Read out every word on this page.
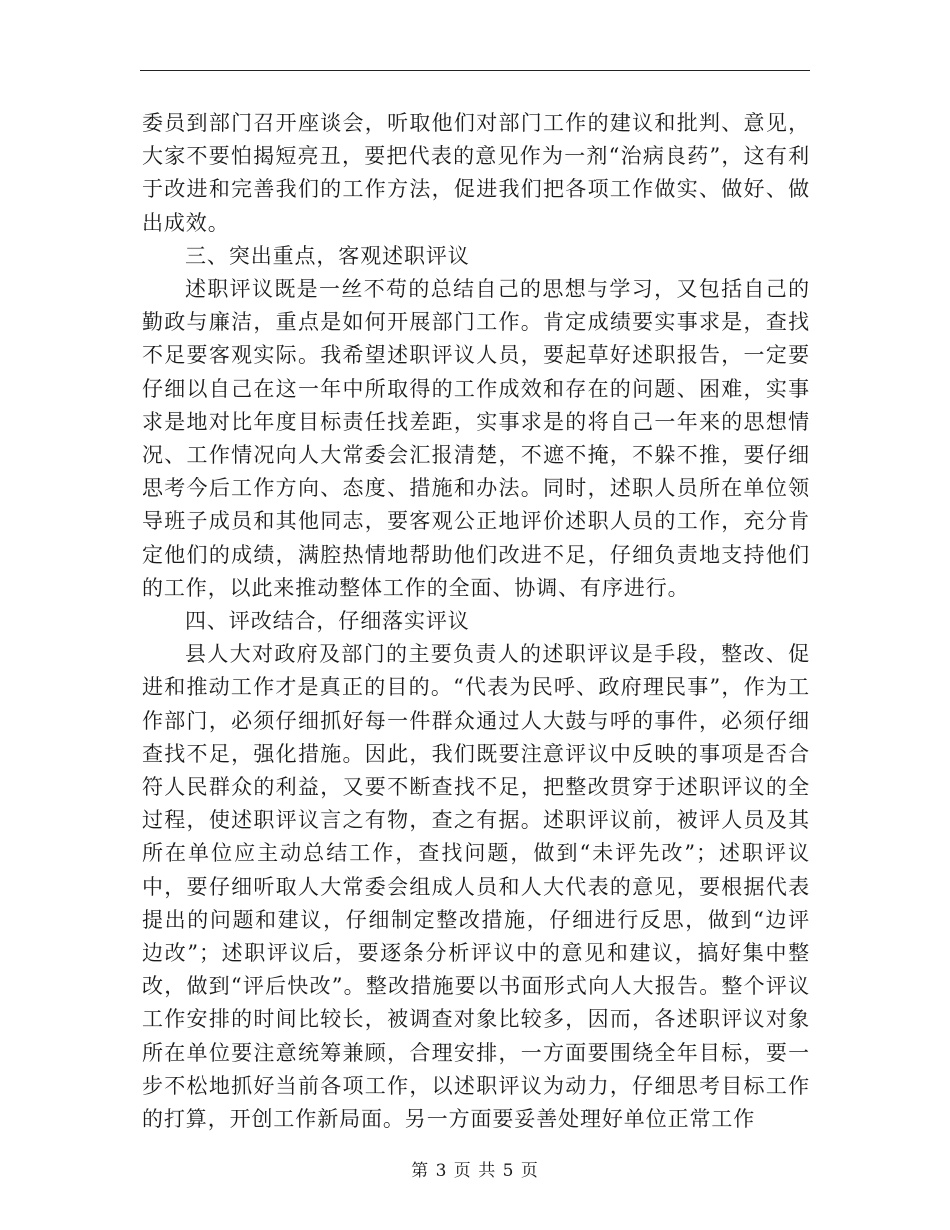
委员到部门召开座谈会，听取他们对部门工作的建议和批判、意见，大家不要怕揭短亮丑，要把代表的意见作为一剂“治病良药”，这有利于改进和完善我们的工作方法，促进我们把各项工作做实、做好、做出成效。

三、突出重点，客观述职评议

述职评议既是一丝不苟的总结自己的思想与学习，又包括自己的勤政与廉洁，重点是如何开展部门工作。肯定成绩要实事求是，查找不足要客观实际。我希望述职评议人员，要起草好述职报告，一定要仔细以自己在这一年中所取得的工作成效和存在的问题、困难，实事求是地对比年度目标责任找差距，实事求是的将自己一年来的思想情况、工作情况向人大常委会汇报清楚，不遮不掩，不躲不推，要仔细思考今后工作方向、态度、措施和办法。同时，述职人员所在单位领导班子成员和其他同志，要客观公正地评价述职人员的工作，充分肯定他们的成绩，满腔热情地帮助他们改进不足，仔细负责地支持他们的工作，以此来推动整体工作的全面、协调、有序进行。

四、评改结合，仔细落实评议

县人大对政府及部门的主要负责人的述职评议是手段，整改、促进和推动工作才是真正的目的。“代表为民呼、政府理民事”，作为工作部门，必须仔细抓好每一件群众通过人大鼓与呼的事件，必须仔细查找不足，强化措施。因此，我们既要注意评议中反映的事项是否合符人民群众的利益，又要不断查找不足，把整改贯穿于述职评议的全过程，使述职评议言之有物，查之有据。述职评议前，被评人员及其所在单位应主动总结工作，查找问题，做到“未评先改”；述职评议中，要仔细听取人大常委会组成人员和人大代表的意见，要根据代表提出的问题和建议，仔细制定整改措施，仔细进行反思，做到“边评边改”；述职评议后，要逐条分析评议中的意见和建议，搞好集中整改，做到“评后快改”。整改措施要以书面形式向人大报告。整个评议工作安排的时间比较长，被调查对象比较多，因而，各述职评议对象所在单位要注意统筹兼顾，合理安排，一方面要围绕全年目标，要一步不松地抓好当前各项工作，以述职评议为动力，仔细思考目标工作的打算，开创工作新局面。另一方面要妥善处理好单位正常工作

第 3 页 共 5 页
